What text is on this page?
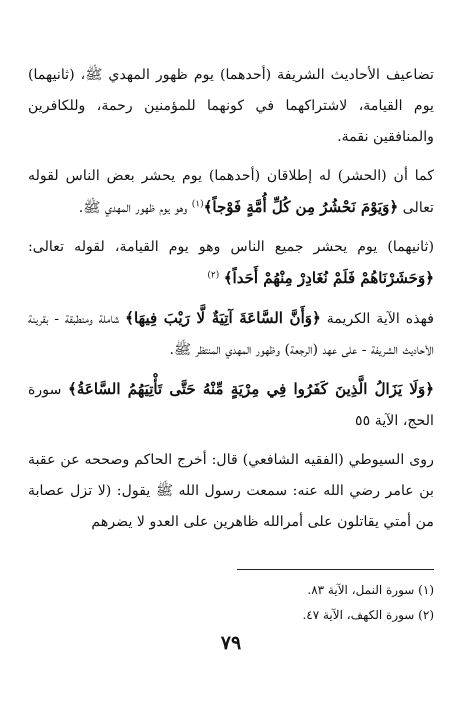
تضاعيف الأحاديث الشريفة (أحدهما) يوم ظهور المهدي ﷺ، (ثانيهما) يوم القيامة، لاشتراكهما في كونهما للمؤمنين رحمة، وللكافرين والمنافقين نقمة.

كما أن (الحشر) له إطلاقان (أحدهما) يوم يحشر بعض الناس لقوله تعالى ﴿وَيَوْمَ نَحْشُرُ مِن كُلِّ أُمَّةٍ فَوْجاً﴾$^{(١)}$ وهو يوم ظهور المهدي ﷺ.

(ثانيهما) يوم يحشر جميع الناس وهو يوم القيامة، لقوله تعالى: ﴿وَحَشَرْنَاهُمْ فَلَمْ نُغَادِرْ مِنْهُمْ أَحَداً﴾ $^{(٢)}$

فهذه الآية الكريمة ﴿وَأَنَّ السَّاعَةَ آتِيَةٌ لَّا رَيْبَ فِيهَا﴾ شاملة ومنطبقة - بقرينة الأحاديث الشريفة - على عهد (الرجعة) وظهور المهدي المنتظر ﷺ.

﴿وَلَا يَزَالُ الَّذِينَ كَفَرُوا فِي مِرْيَةٍ مِّنْهُ حَتَّى تَأْتِيَهُمُ السَّاعَةُ﴾ سورة الحج، الآية ٥٥

روى السيوطي (الفقيه الشافعي) قال: أخرج الحاكم وصححه عن عقبة بن عامر رضي الله عنه: سمعت رسول الله ﷺ يقول: (لا تزل عصابة من أمتي يقاتلون على أمرالله ظاهرين على العدو لا يضرهم

(١) سورة النمل، الآية ٨٣.

(٢) سورة الكهف، الآية ٤٧.

٧٩
